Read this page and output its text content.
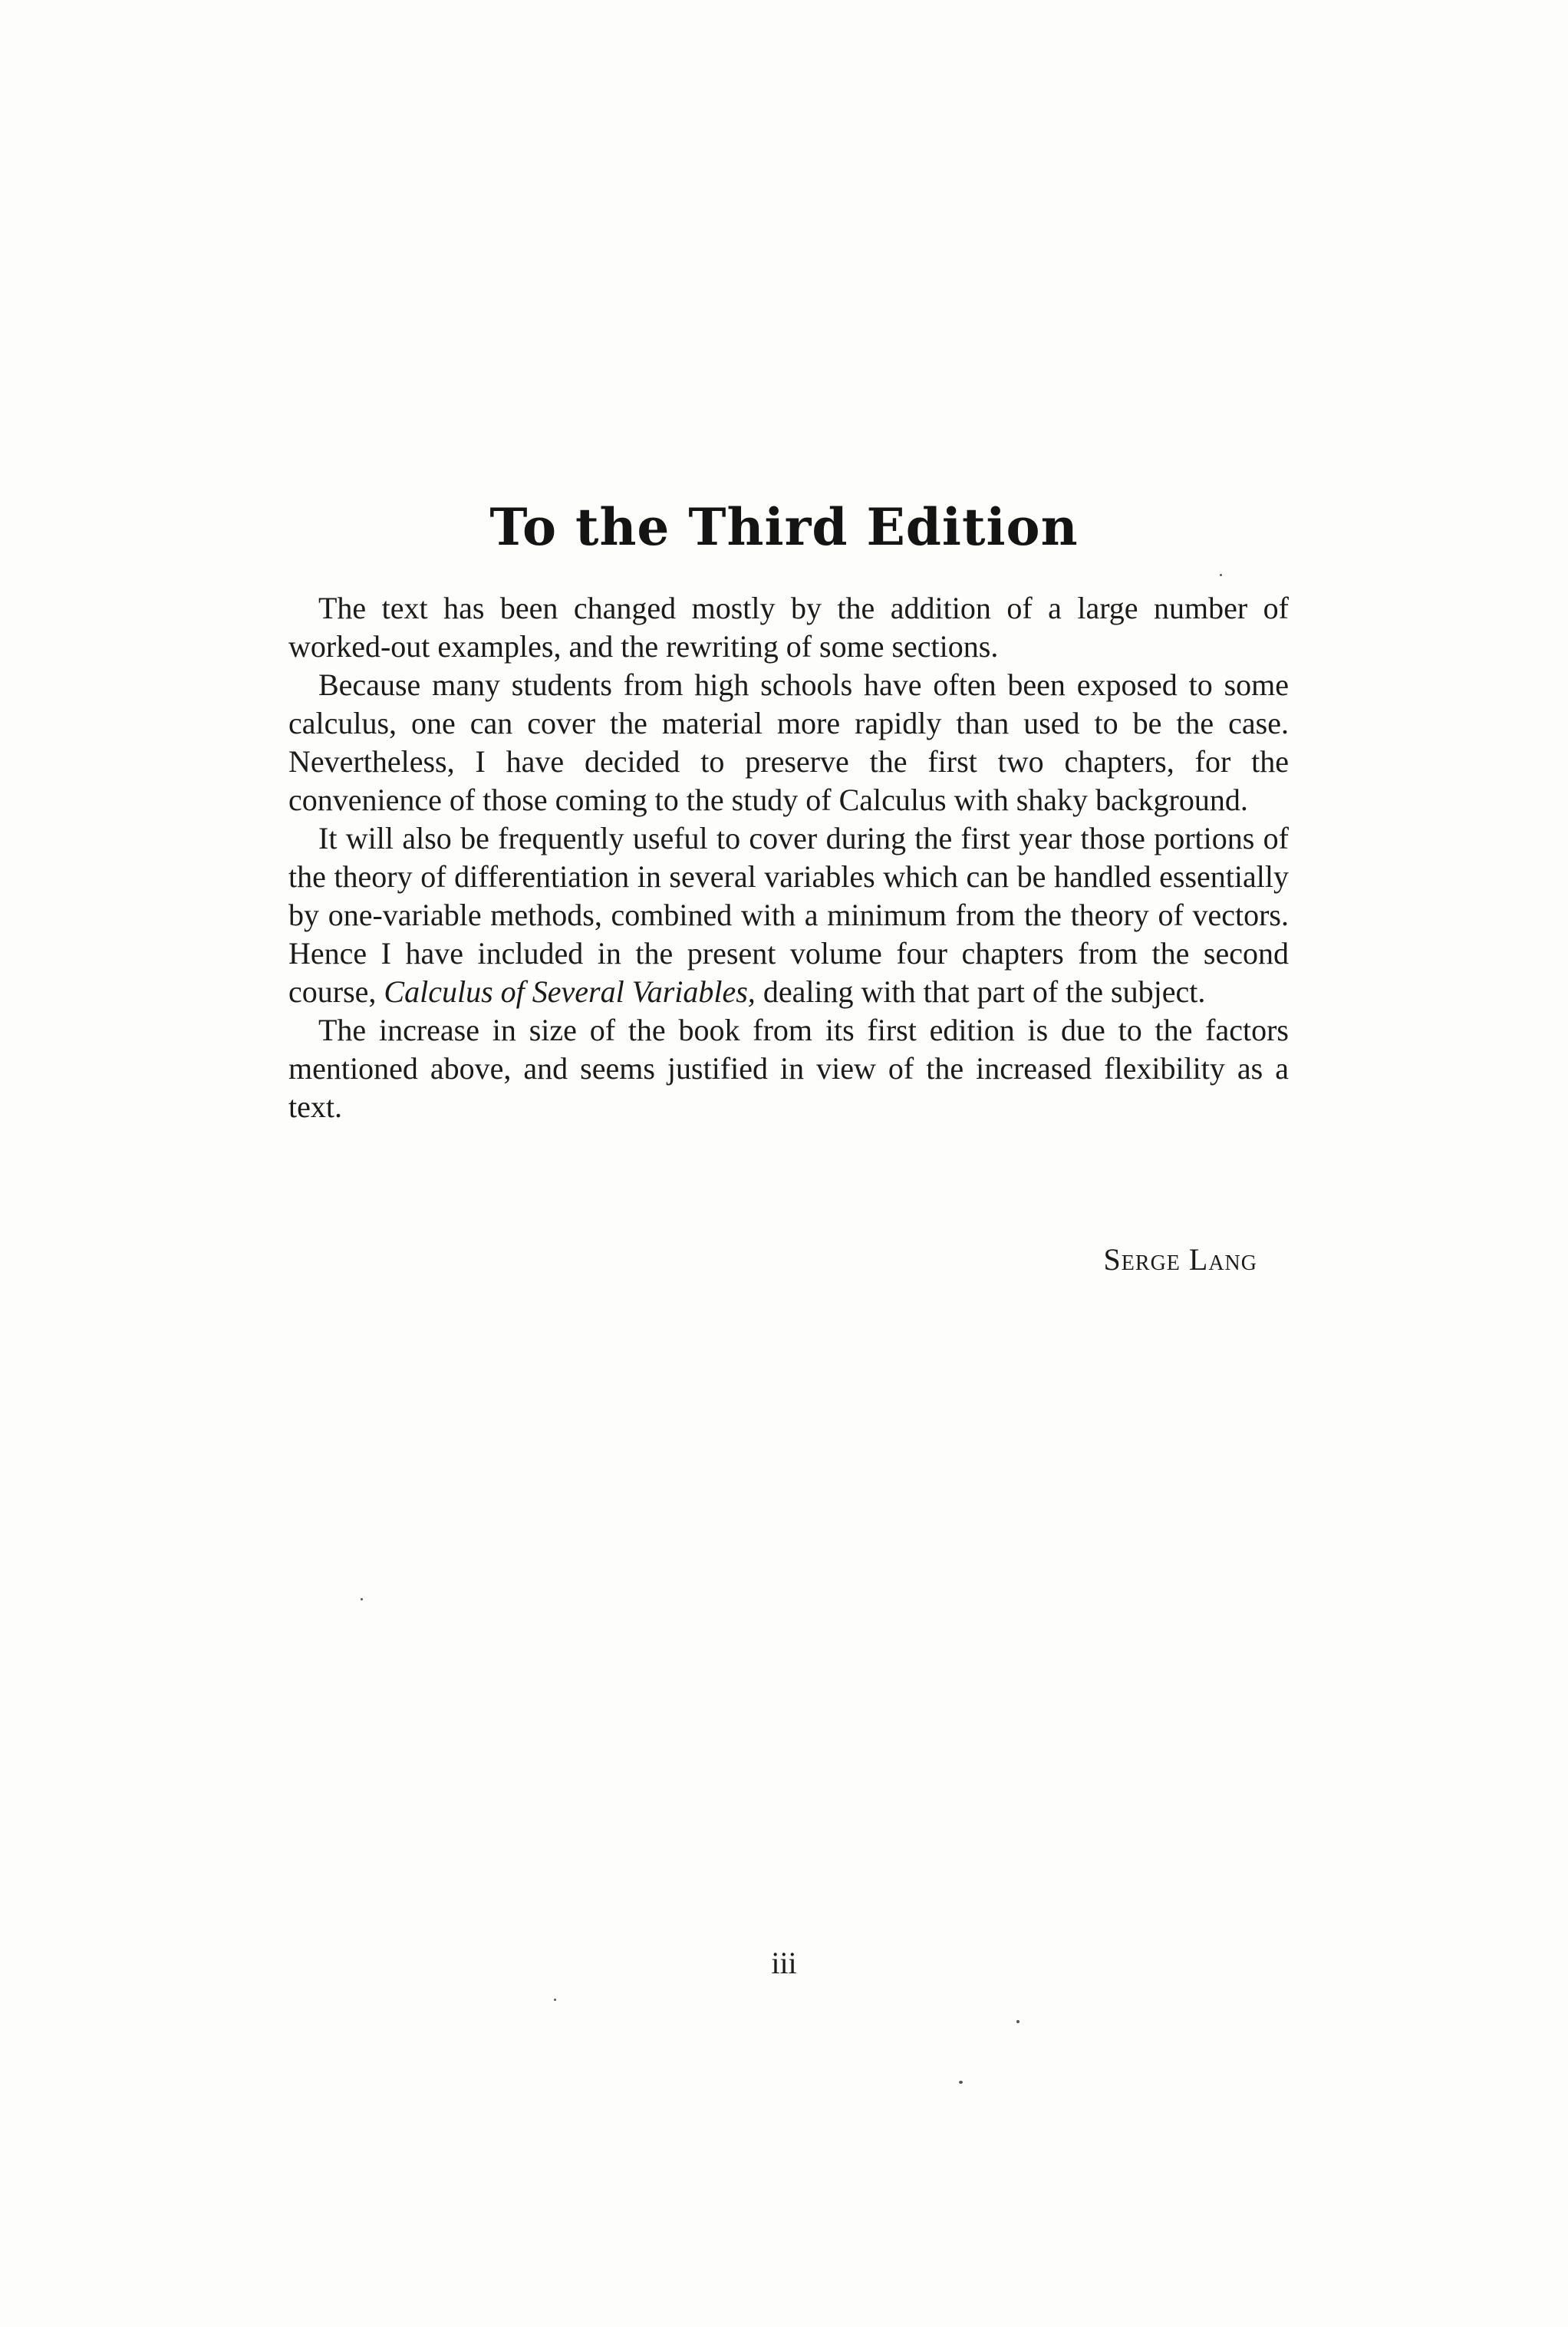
To the Third Edition

The text has been changed mostly by the addition of a large number of worked-out examples, and the rewriting of some sections.

Because many students from high schools have often been exposed to some calculus, one can cover the material more rapidly than used to be the case. Nevertheless, I have decided to preserve the first two chapters, for the convenience of those coming to the study of Calculus with shaky background.

It will also be frequently useful to cover during the first year those portions of the theory of differentiation in several variables which can be handled essentially by one-variable methods, combined with a minimum from the theory of vectors. Hence I have included in the present volume four chapters from the second course, Calculus of Several Variables, dealing with that part of the subject.

The increase in size of the book from its first edition is due to the factors mentioned above, and seems justified in view of the increased flexibility as a text.

Serge Lang
iii
